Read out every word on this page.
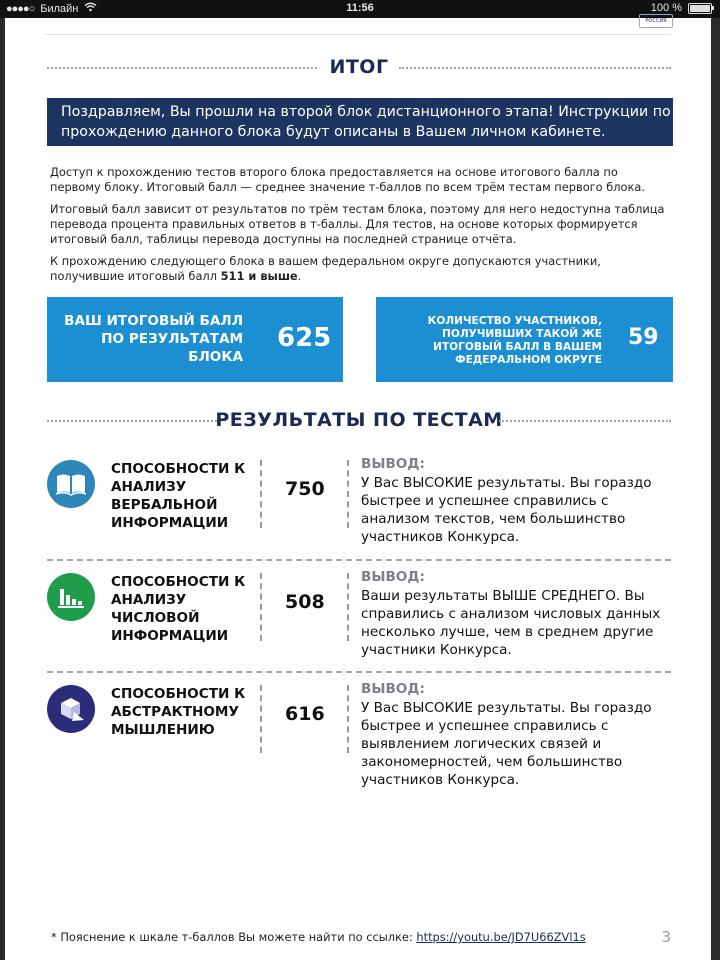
●●●●○ Билайн	11:56	100 %
РОССИЯ
ИТОГ
Поздравляем, Вы прошли на второй блок дистанционного этапа! Инструкции по прохождению данного блока будут описаны в Вашем личном кабинете.
Доступ к прохождению тестов второго блока предоставляется на основе итогового балла по первому блоку. Итоговый балл — среднее значение т-баллов по всем трём тестам первого блока.
Итоговый балл зависит от результатов по трём тестам блока, поэтому для него недоступна таблица перевода процента правильных ответов в т-баллы. Для тестов, на основе которых формируется итоговый балл, таблицы перевода доступны на последней странице отчёта.
К прохождению следующего блока в вашем федеральном округе допускаются участники, получившие итоговый балл 511 и выше.
ВАШ ИТОГОВЫЙ БАЛЛ ПО РЕЗУЛЬТАТАМ БЛОКА
625
КОЛИЧЕСТВО УЧАСТНИКОВ, ПОЛУЧИВШИХ ТАКОЙ ЖЕ ИТОГОВЫЙ БАЛЛ В ВАШЕМ ФЕДЕРАЛЬНОМ ОКРУГЕ
59
РЕЗУЛЬТАТЫ ПО ТЕСТАМ
СПОСОБНОСТИ К АНАЛИЗУ ВЕРБАЛЬНОЙ ИНФОРМАЦИИ
750
ВЫВОД:
У Вас ВЫСОКИЕ результаты. Вы гораздо быстрее и успешнее справились с анализом текстов, чем большинство участников Конкурса.
СПОСОБНОСТИ К АНАЛИЗУ ЧИСЛОВОЙ ИНФОРМАЦИИ
508
ВЫВОД:
Ваши результаты ВЫШЕ СРЕДНЕГО. Вы справились с анализом числовых данных несколько лучше, чем в среднем другие участники Конкурса.
СПОСОБНОСТИ К АБСТРАКТНОМУ МЫШЛЕНИЮ
616
ВЫВОД:
У Вас ВЫСОКИЕ результаты. Вы гораздо быстрее и успешнее справились с выявлением логических связей и закономерностей, чем большинство участников Конкурса.
* Пояснение к шкале т-баллов Вы можете найти по ссылке: https://youtu.be/JD7U66ZVl1s	3
